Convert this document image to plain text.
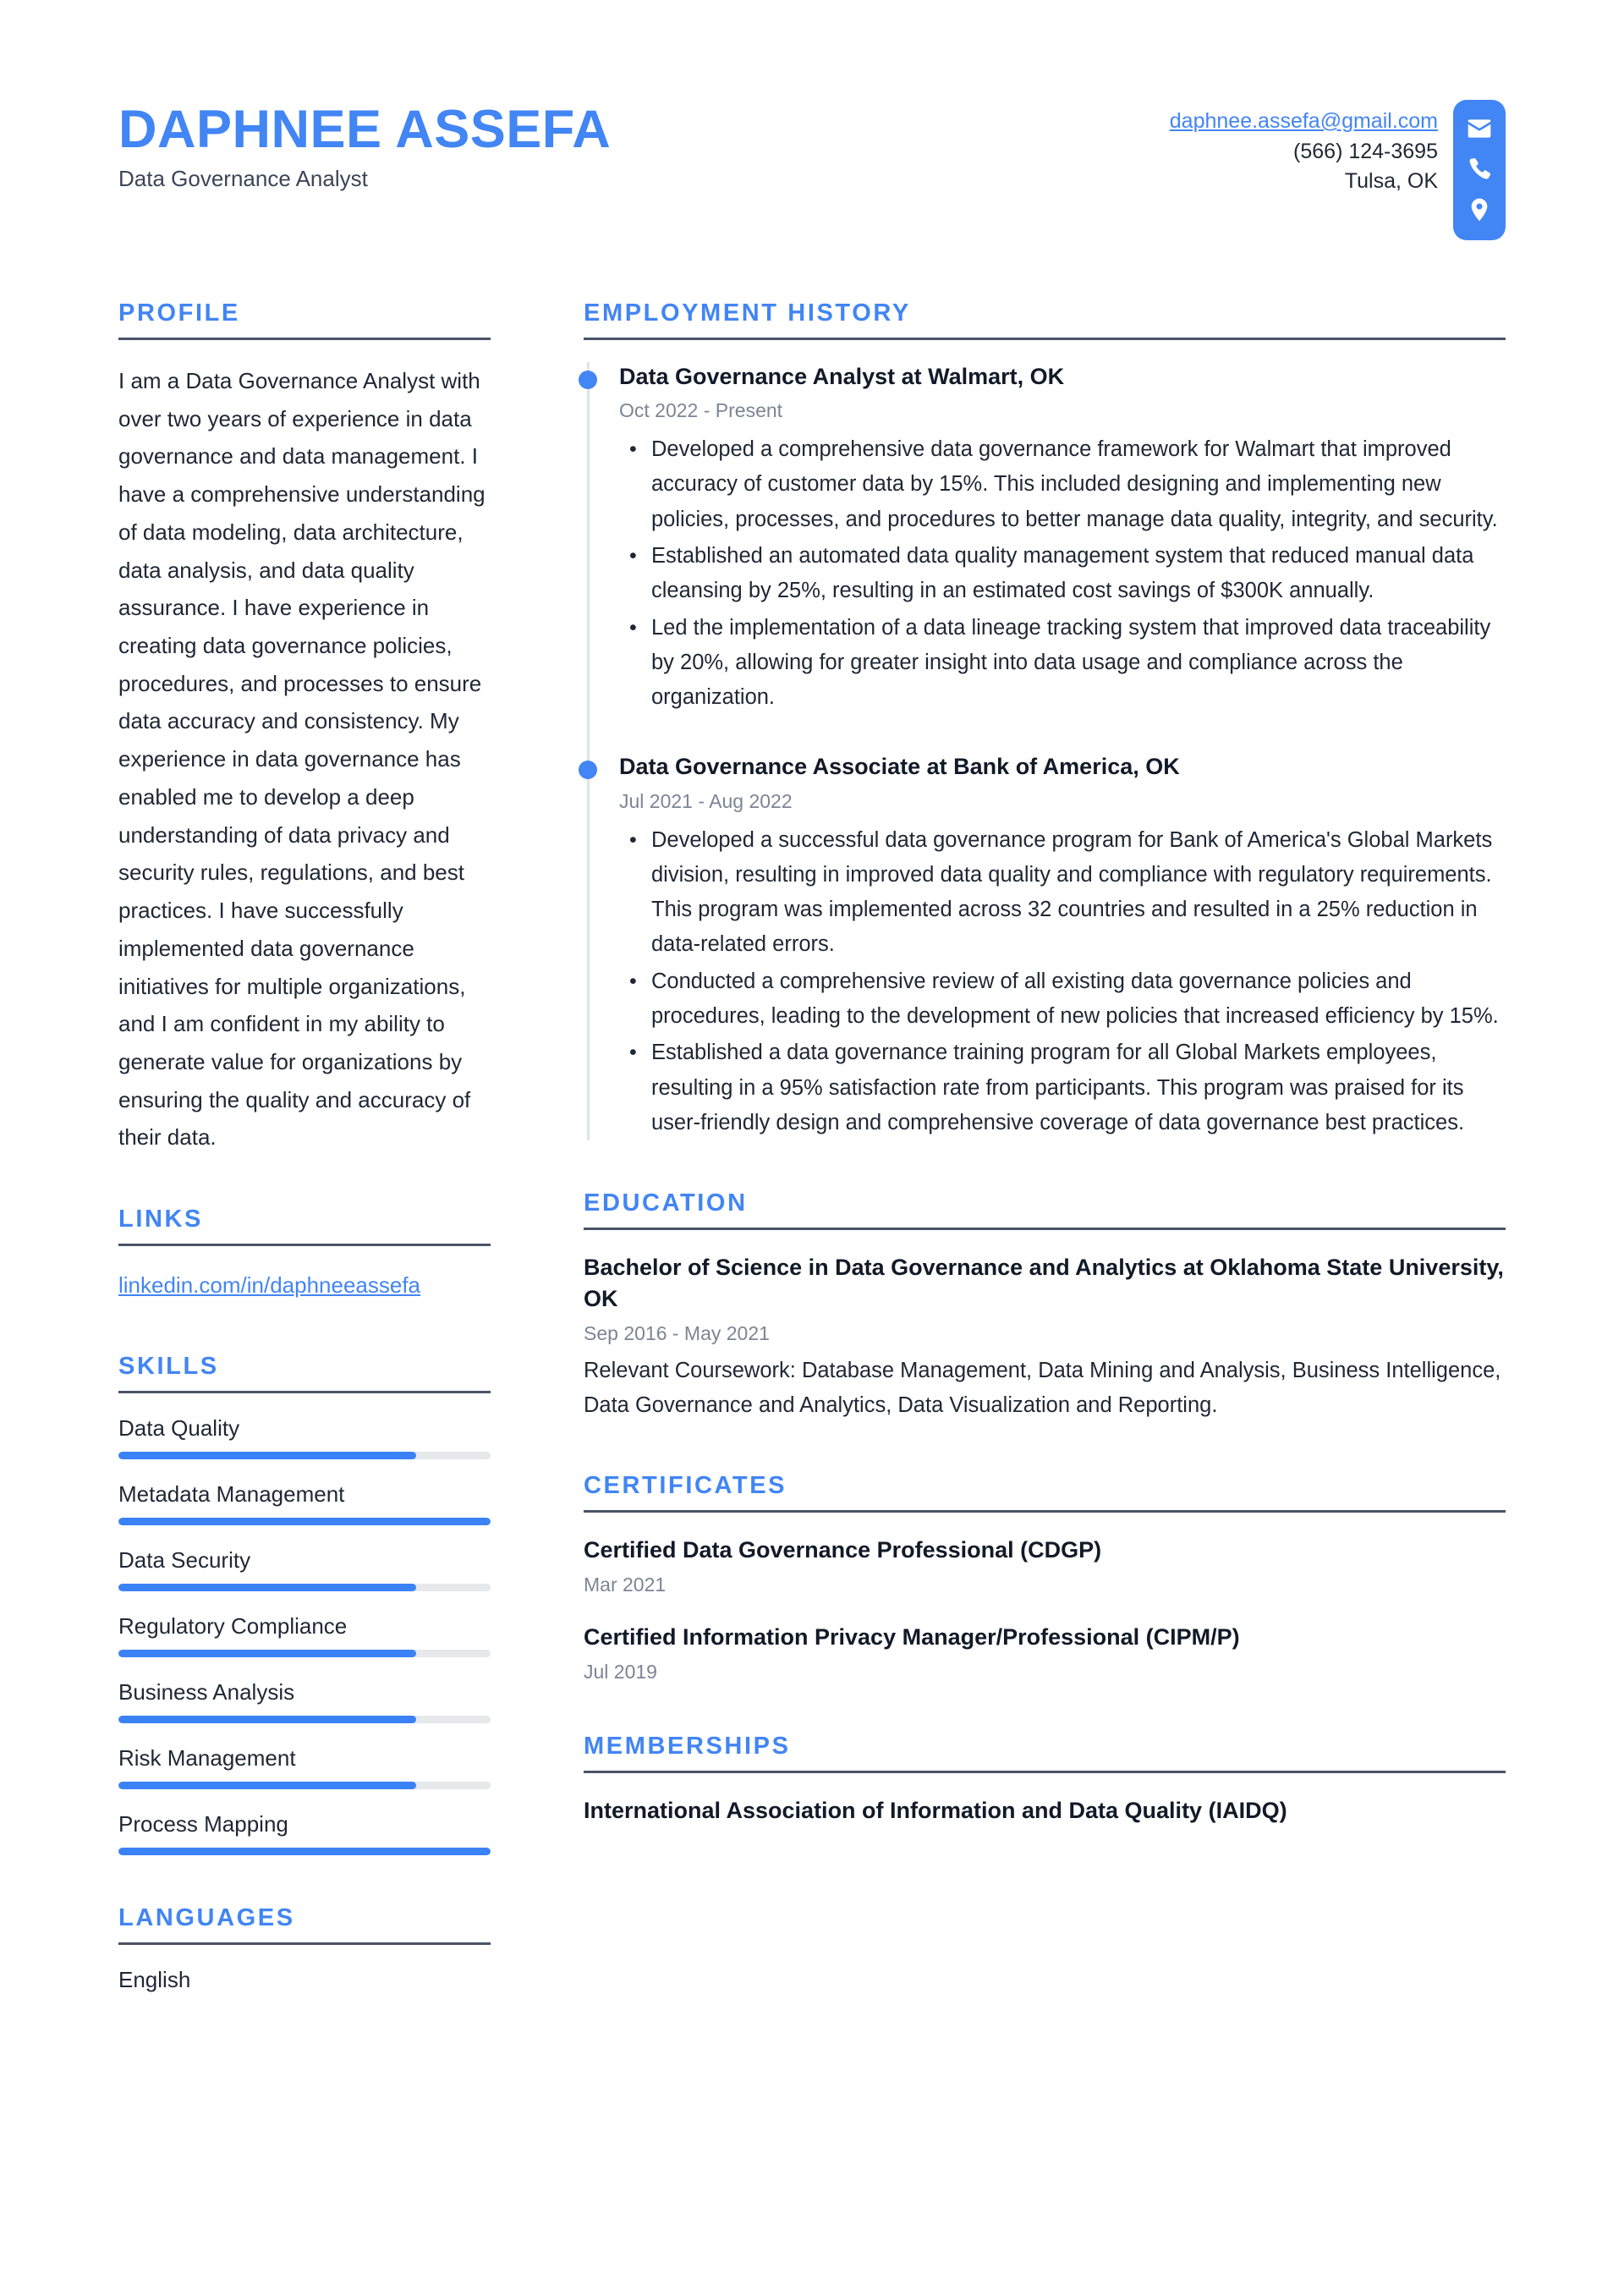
DAPHNEE ASSEFA
Data Governance Analyst
daphnee.assefa@gmail.com
(566) 124-3695
Tulsa, OK
PROFILE
I am a Data Governance Analyst with over two years of experience in data governance and data management. I have a comprehensive understanding of data modeling, data architecture, data analysis, and data quality assurance. I have experience in creating data governance policies, procedures, and processes to ensure data accuracy and consistency. My experience in data governance has enabled me to develop a deep understanding of data privacy and security rules, regulations, and best practices. I have successfully implemented data governance initiatives for multiple organizations, and I am confident in my ability to generate value for organizations by ensuring the quality and accuracy of their data.
LINKS
linkedin.com/in/daphneeassefa
SKILLS
Data Quality
Metadata Management
Data Security
Regulatory Compliance
Business Analysis
Risk Management
Process Mapping
LANGUAGES
English
EMPLOYMENT HISTORY
Data Governance Analyst at Walmart, OK
Oct 2022 - Present
• Developed a comprehensive data governance framework for Walmart that improved accuracy of customer data by 15%. This included designing and implementing new policies, processes, and procedures to better manage data quality, integrity, and security.
• Established an automated data quality management system that reduced manual data cleansing by 25%, resulting in an estimated cost savings of $300K annually.
• Led the implementation of a data lineage tracking system that improved data traceability by 20%, allowing for greater insight into data usage and compliance across the organization.
Data Governance Associate at Bank of America, OK
Jul 2021 - Aug 2022
• Developed a successful data governance program for Bank of America's Global Markets division, resulting in improved data quality and compliance with regulatory requirements. This program was implemented across 32 countries and resulted in a 25% reduction in data-related errors.
• Conducted a comprehensive review of all existing data governance policies and procedures, leading to the development of new policies that increased efficiency by 15%.
• Established a data governance training program for all Global Markets employees, resulting in a 95% satisfaction rate from participants. This program was praised for its user-friendly design and comprehensive coverage of data governance best practices.
EDUCATION
Bachelor of Science in Data Governance and Analytics at Oklahoma State University, OK
Sep 2016 - May 2021
Relevant Coursework: Database Management, Data Mining and Analysis, Business Intelligence, Data Governance and Analytics, Data Visualization and Reporting.
CERTIFICATES
Certified Data Governance Professional (CDGP)
Mar 2021
Certified Information Privacy Manager/Professional (CIPM/P)
Jul 2019
MEMBERSHIPS
International Association of Information and Data Quality (IAIDQ)
